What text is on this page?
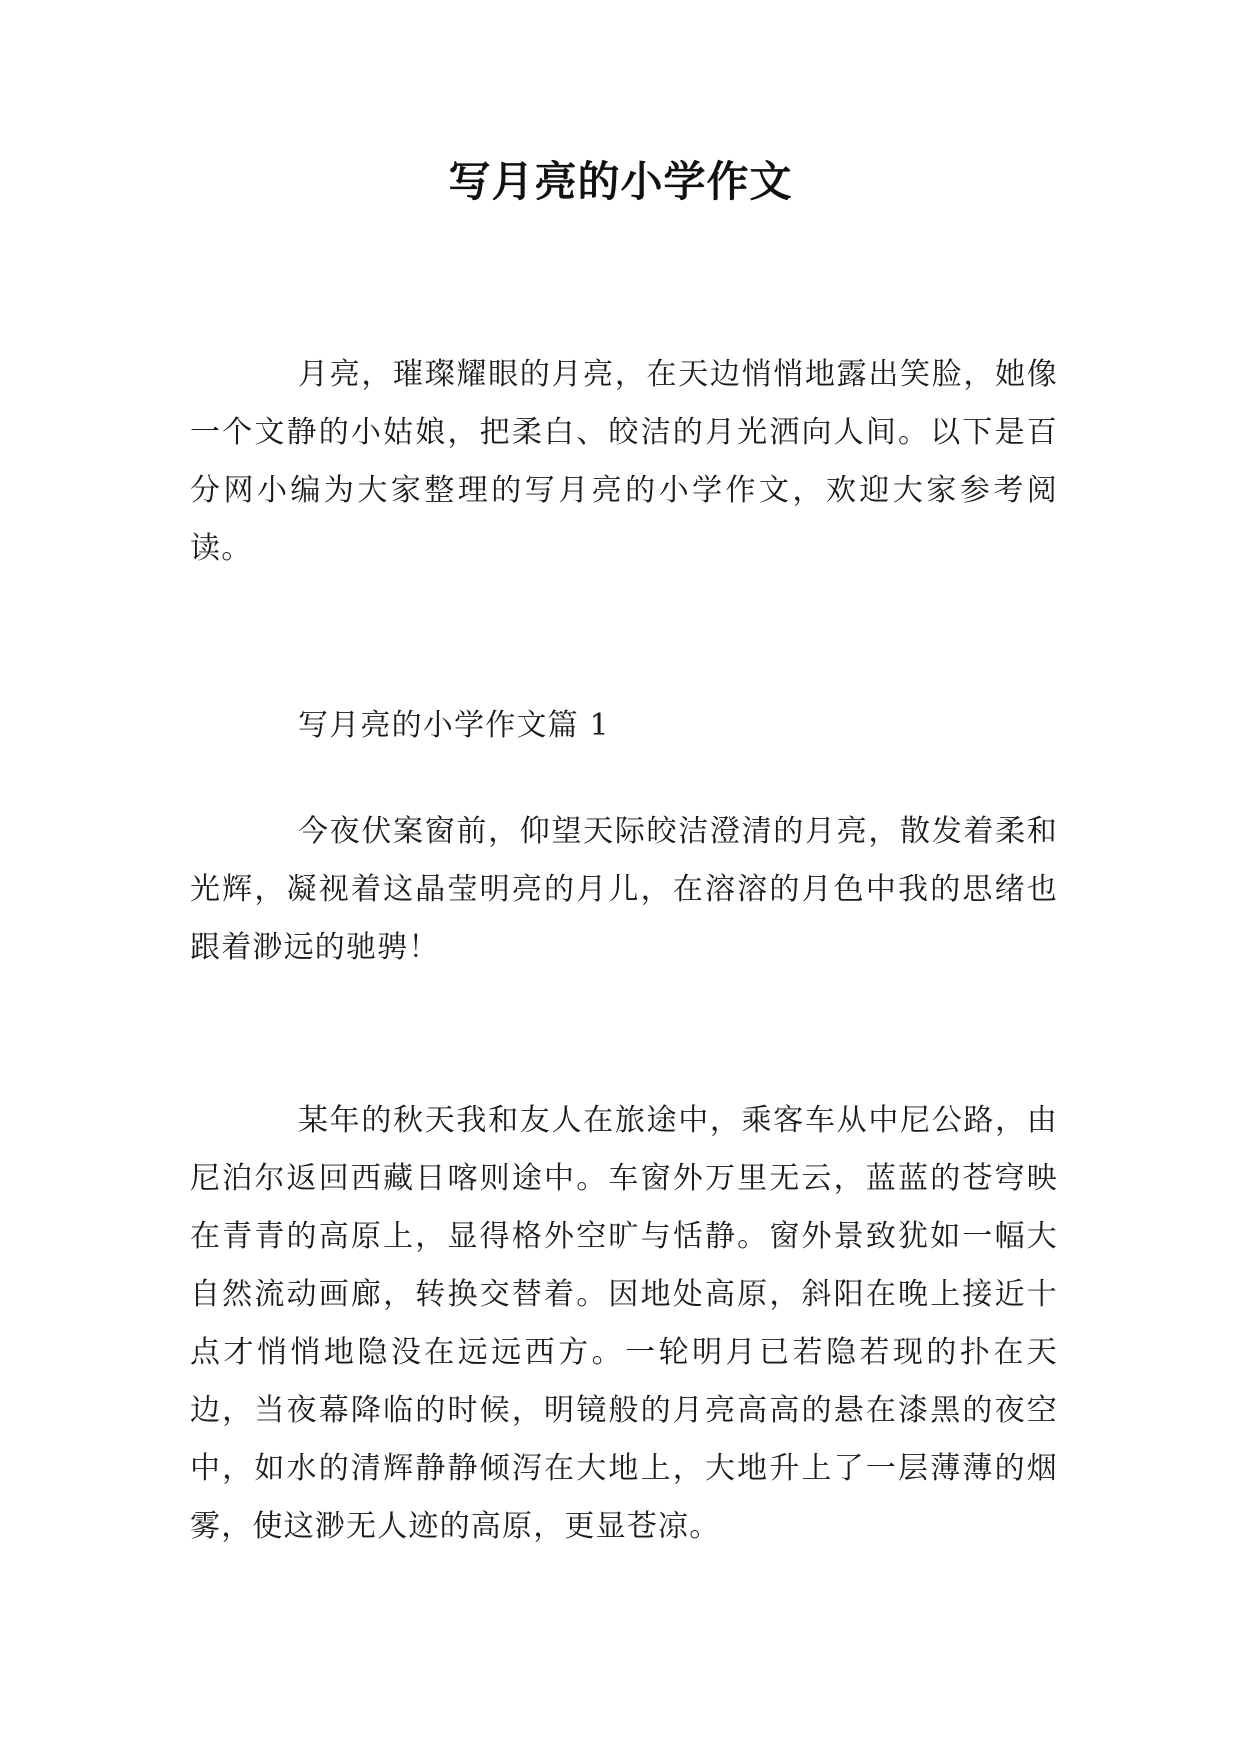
写月亮的小学作文

月亮，璀璨耀眼的月亮，在天边悄悄地露出笑脸，她像一个文静的小姑娘，把柔白、皎洁的月光洒向人间。以下是百分网小编为大家整理的写月亮的小学作文，欢迎大家参考阅读。

写月亮的小学作文篇 1

今夜伏案窗前，仰望天际皎洁澄清的月亮，散发着柔和光辉，凝视着这晶莹明亮的月儿，在溶溶的月色中我的思绪也跟着渺远的驰骋！

某年的秋天我和友人在旅途中，乘客车从中尼公路，由尼泊尔返回西藏日喀则途中。车窗外万里无云，蓝蓝的苍穹映在青青的高原上，显得格外空旷与恬静。窗外景致犹如一幅大自然流动画廊，转换交替着。因地处高原，斜阳在晚上接近十点才悄悄地隐没在远远西方。一轮明月已若隐若现的扑在天边，当夜幕降临的时候，明镜般的月亮高高的悬在漆黑的夜空中，如水的清辉静静倾泻在大地上，大地升上了一层薄薄的烟雾，使这渺无人迹的高原，更显苍凉。
